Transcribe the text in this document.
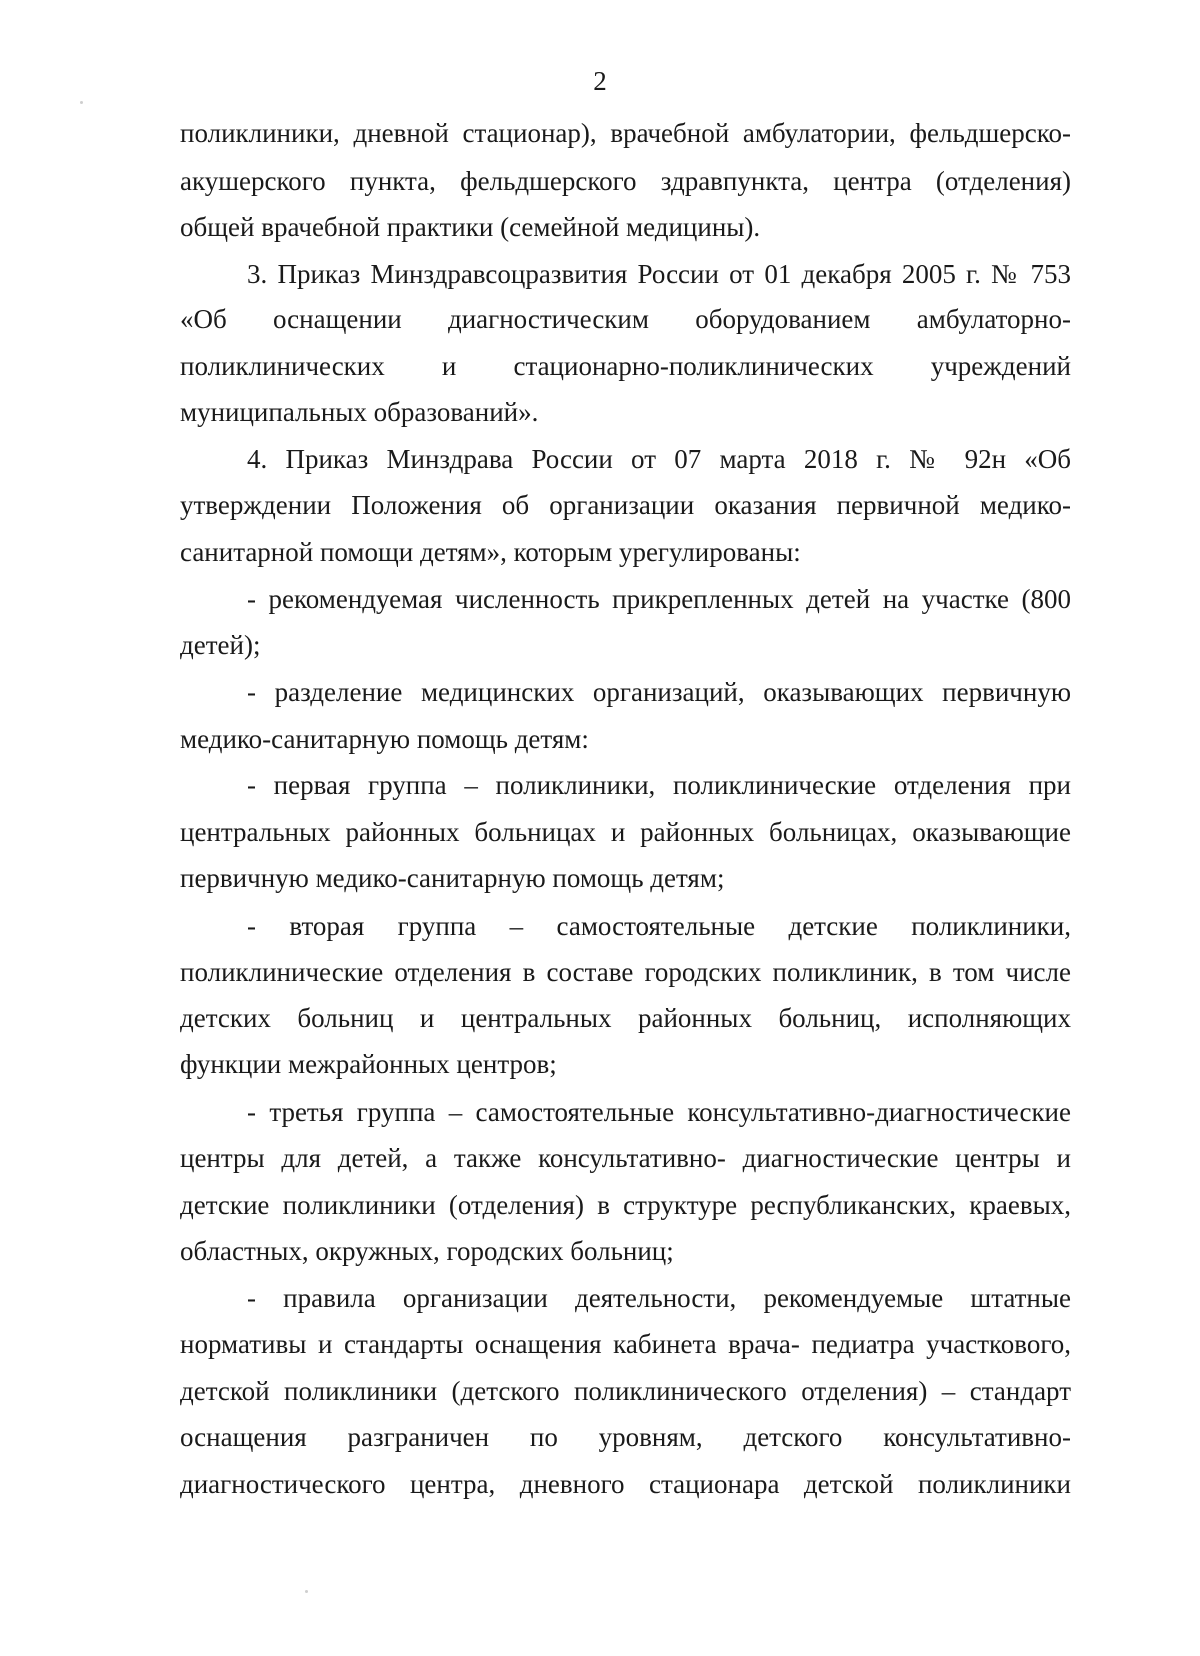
2
поликлиники, дневной стационар), врачебной амбулатории, фельдшерско-
акушерского пункта, фельдшерского здравпункта, центра (отделения)
общей врачебной практики (семейной медицины).
3. Приказ Минздравсоцразвития России от 01 декабря 2005 г. № 753
«Об оснащении диагностическим оборудованием амбулаторно-
поликлинических и стационарно-поликлинических учреждений
муниципальных образований».
4. Приказ Минздрава России от 07 марта 2018 г. № 92н «Об
утверждении Положения об организации оказания первичной медико-
санитарной помощи детям», которым урегулированы:
- рекомендуемая численность прикрепленных детей на участке (800
детей);
- разделение медицинских организаций, оказывающих первичную
медико-санитарную помощь детям:
- первая группа – поликлиники, поликлинические отделения при
центральных районных больницах и районных больницах, оказывающие
первичную медико-санитарную помощь детям;
- вторая группа – самостоятельные детские поликлиники,
поликлинические отделения в составе городских поликлиник, в том числе
детских больниц и центральных районных больниц, исполняющих
функции межрайонных центров;
- третья группа – самостоятельные консультативно-диагностические
центры для детей, а также консультативно- диагностические центры и
детские поликлиники (отделения) в структуре республиканских, краевых,
областных, окружных, городских больниц;
- правила организации деятельности, рекомендуемые штатные
нормативы и стандарты оснащения кабинета врача- педиатра участкового,
детской поликлиники (детского поликлинического отделения) – стандарт
оснащения разграничен по уровням, детского консультативно-
диагностического центра, дневного стационара детской поликлиники
